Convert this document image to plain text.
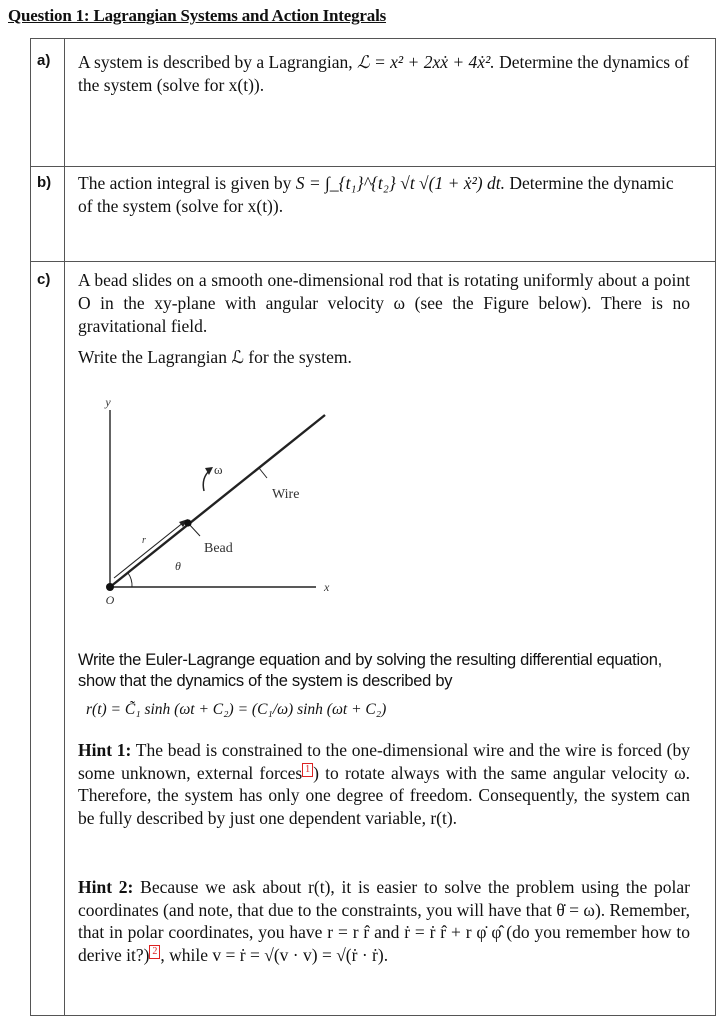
Question 1: Lagrangian Systems and Action Integrals
a) A system is described by a Lagrangian, ℒ = x² + 2xẋ + 4ẋ². Determine the dynamics of the system (solve for x(t)).
b) The action integral is given by S = ∫_{t₁}^{t₂} √t √(1 + ẋ²) dt. Determine the dynamic of the system (solve for x(t)).
c) A bead slides on a smooth one-dimensional rod that is rotating uniformly about a point O in the xy-plane with angular velocity ω (see the Figure below). There is no gravitational field.
Write the Lagrangian ℒ for the system.
y
x
O
ω
Wire
Bead
r
θ
Write the Euler-Lagrange equation and by solving the resulting differential equation, show that the dynamics of the system is described by
r(t) = C̃₁ sinh (ωt + C₂) = (C₁/ω) sinh (ωt + C₂)
Hint 1: The bead is constrained to the one-dimensional wire and the wire is forced (by some unknown, external forces 1 ) to rotate always with the same angular velocity ω. Therefore, the system has only one degree of freedom. Consequently, the system can be fully described by just one dependent variable, r(t).
Hint 2: Because we ask about r(t), it is easier to solve the problem using the polar coordinates (and note, that due to the constraints, you will have that θ̇ = ω). Remember, that in polar coordinates, you have r = r r̂ and ṙ = ṙ r̂ + r φ̇ φ̂ (do you remember how to derive it?) 2 , while v = ṙ = √(v · v) = √(ṙ · ṙ).
